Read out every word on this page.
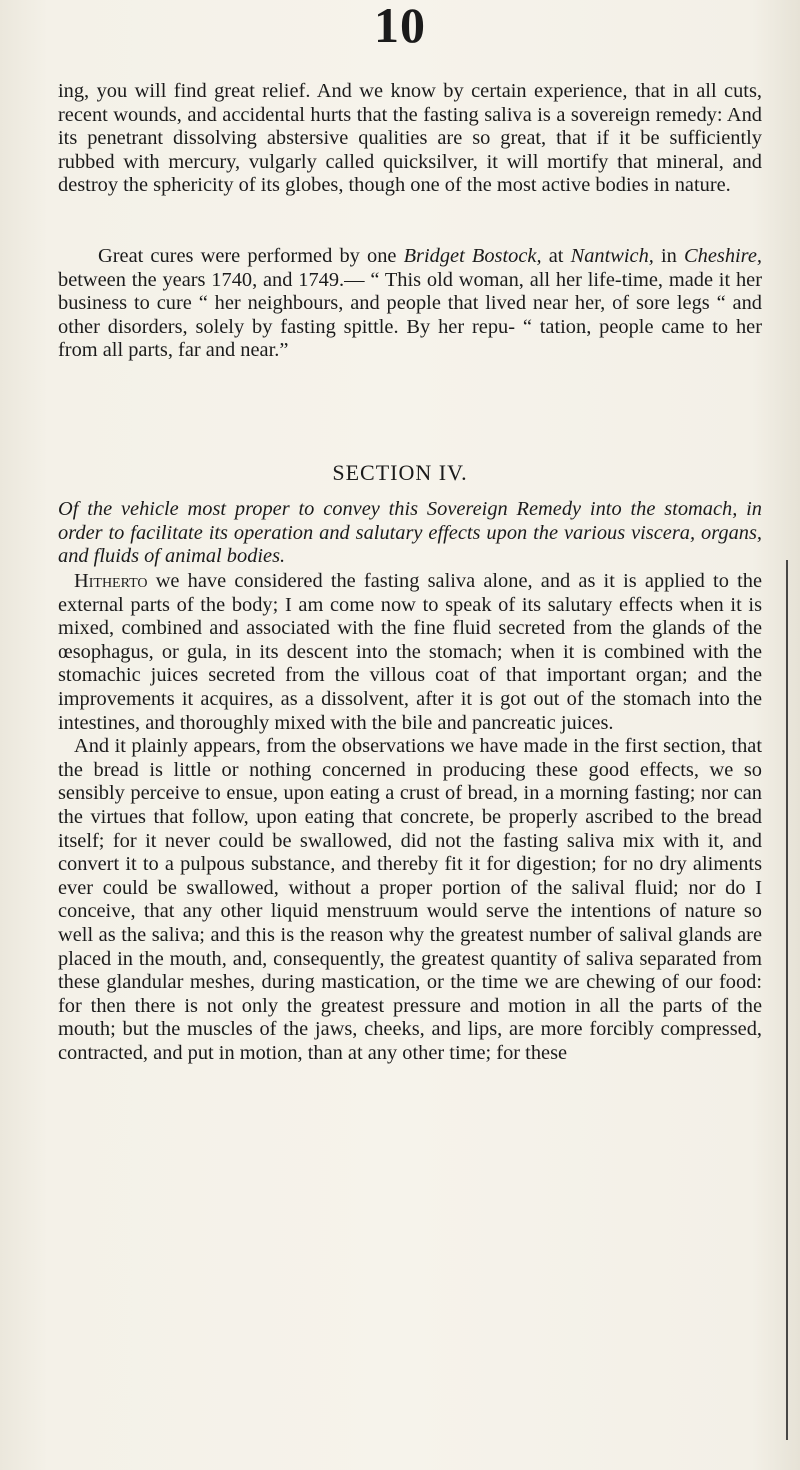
10

ing, you will find great relief. And we know by certain experience, that in all cuts, recent wounds, and accidental hurts that the fasting saliva is a sovereign remedy: And its penetrant dissolving abstersive qualities are so great, that if it be sufficiently rubbed with mercury, vulgarly called quicksilver, it will mortify that mineral, and destroy the sphericity of its globes, though one of the most active bodies in nature.

Great cures were performed by one Bridget Bostock, at Nantwich, in Cheshire, between the years 1740, and 1749.— “ This old woman, all her life-time, made it her business to cure “ her neighbours, and people that lived near her, of sore legs “ and other disorders, solely by fasting spittle. By her repu- “ tation, people came to her from all parts, far and near.”

SECTION IV.
Of the vehicle most proper to convey this Sovereign Remedy into the stomach, in order to facilitate its operation and salutary effects upon the various viscera, organs, and fluids of animal bodies.

Hitherto we have considered the fasting saliva alone, and as it is applied to the external parts of the body; I am come now to speak of its salutary effects when it is mixed, combined and associated with the fine fluid secreted from the glands of the œsophagus, or gula, in its descent into the stomach; when it is combined with the stomachic juices secreted from the villous coat of that important organ; and the improvements it acquires, as a dissolvent, after it is got out of the stomach into the intestines, and thoroughly mixed with the bile and pancreatic juices.

And it plainly appears, from the observations we have made in the first section, that the bread is little or nothing concerned in producing these good effects, we so sensibly perceive to ensue, upon eating a crust of bread, in a morning fasting; nor can the virtues that follow, upon eating that concrete, be properly ascribed to the bread itself; for it never could be swallowed, did not the fasting saliva mix with it, and convert it to a pulpous substance, and thereby fit it for digestion; for no dry aliments ever could be swallowed, without a proper portion of the salival fluid; nor do I conceive, that any other liquid menstruum would serve the intentions of nature so well as the saliva; and this is the reason why the greatest number of salival glands are placed in the mouth, and, consequently, the greatest quantity of saliva separated from these glandular meshes, during mastication, or the time we are chewing of our food: for then there is not only the greatest pressure and motion in all the parts of the mouth; but the muscles of the jaws, cheeks, and lips, are more forcibly compressed, contracted, and put in motion, than at any other time; for these
